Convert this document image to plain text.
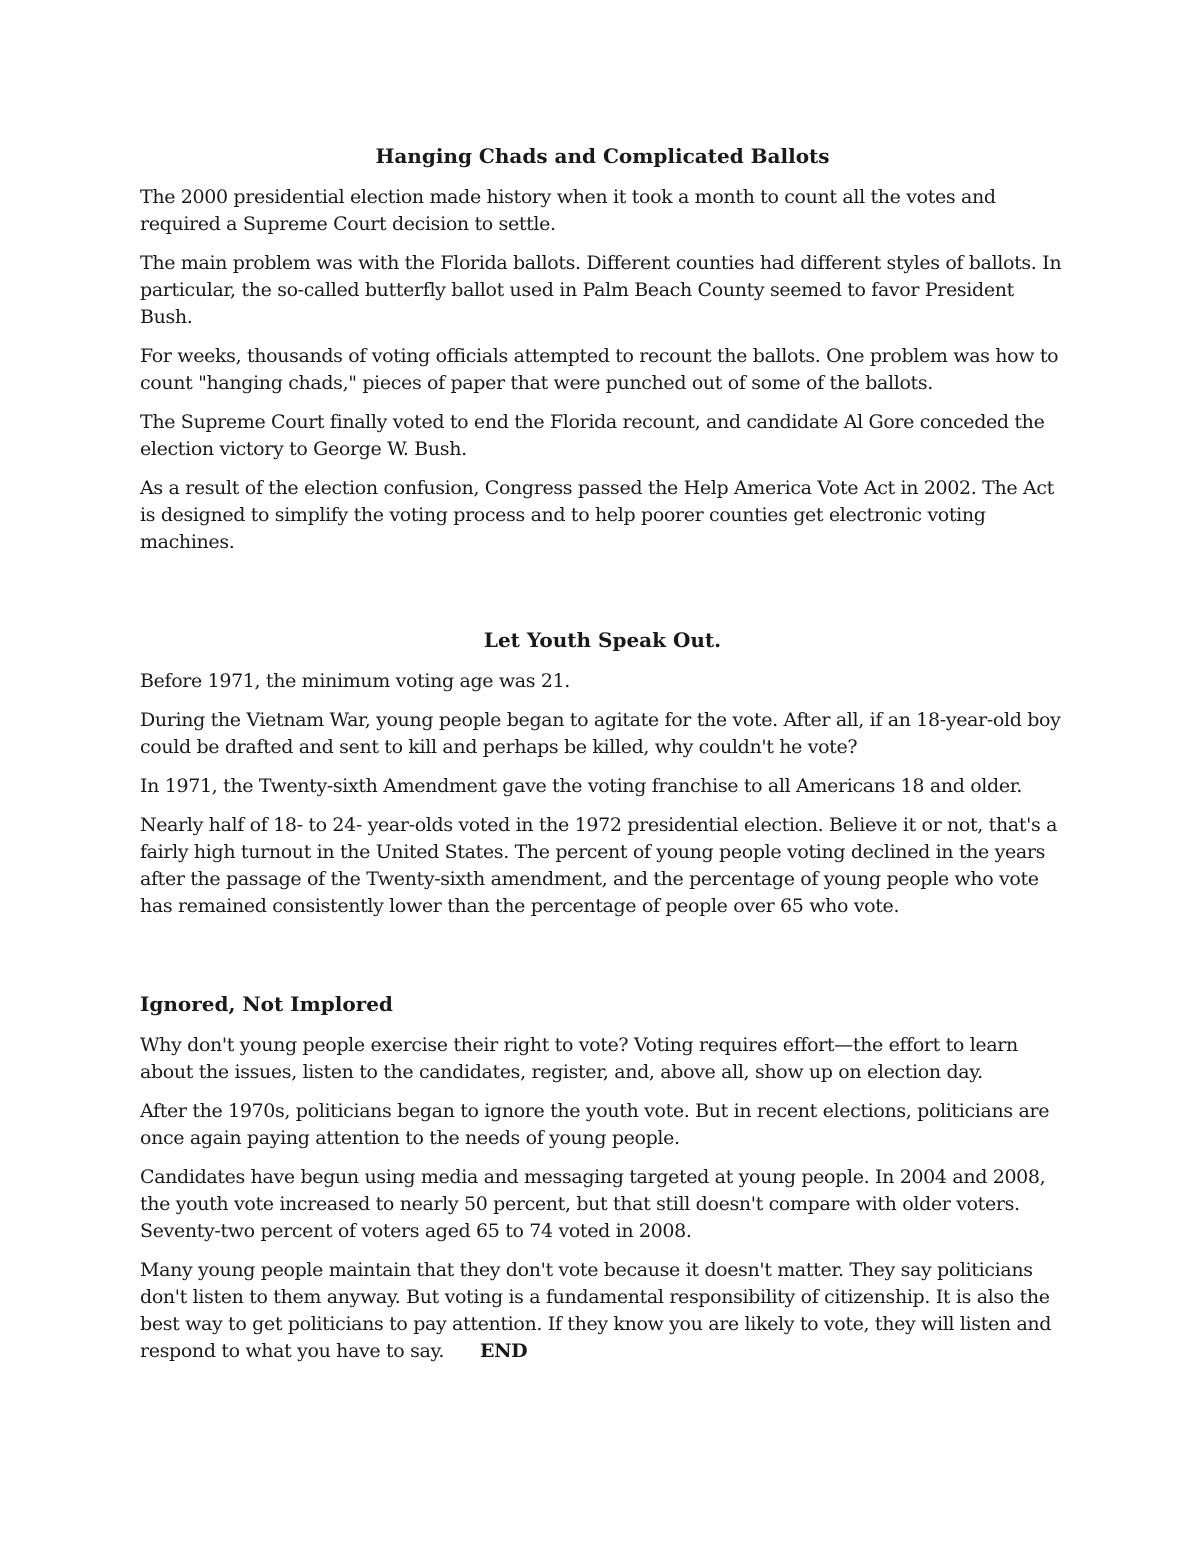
Hanging Chads and Complicated Ballots

The 2000 presidential election made history when it took a month to count all the votes and required a Supreme Court decision to settle.

The main problem was with the Florida ballots. Different counties had different styles of ballots. In particular, the so-called butterfly ballot used in Palm Beach County seemed to favor President Bush.

For weeks, thousands of voting officials attempted to recount the ballots. One problem was how to count "hanging chads," pieces of paper that were punched out of some of the ballots.

The Supreme Court finally voted to end the Florida recount, and candidate Al Gore conceded the election victory to George W. Bush.

As a result of the election confusion, Congress passed the Help America Vote Act in 2002. The Act is designed to simplify the voting process and to help poorer counties get electronic voting machines.

Let Youth Speak Out.

Before 1971, the minimum voting age was 21.

During the Vietnam War, young people began to agitate for the vote. After all, if an 18-year-old boy could be drafted and sent to kill and perhaps be killed, why couldn't he vote?

In 1971, the Twenty-sixth Amendment gave the voting franchise to all Americans 18 and older.

Nearly half of 18- to 24- year-olds voted in the 1972 presidential election. Believe it or not, that's a fairly high turnout in the United States. The percent of young people voting declined in the years after the passage of the Twenty-sixth amendment, and the percentage of young people who vote has remained consistently lower than the percentage of people over 65 who vote.

Ignored, Not Implored

Why don't young people exercise their right to vote? Voting requires effort—the effort to learn about the issues, listen to the candidates, register, and, above all, show up on election day.

After the 1970s, politicians began to ignore the youth vote. But in recent elections, politicians are once again paying attention to the needs of young people.

Candidates have begun using media and messaging targeted at young people. In 2004 and 2008, the youth vote increased to nearly 50 percent, but that still doesn't compare with older voters. Seventy-two percent of voters aged 65 to 74 voted in 2008.

Many young people maintain that they don't vote because it doesn't matter. They say politicians don't listen to them anyway. But voting is a fundamental responsibility of citizenship. It is also the best way to get politicians to pay attention. If they know you are likely to vote, they will listen and respond to what you have to say. END
